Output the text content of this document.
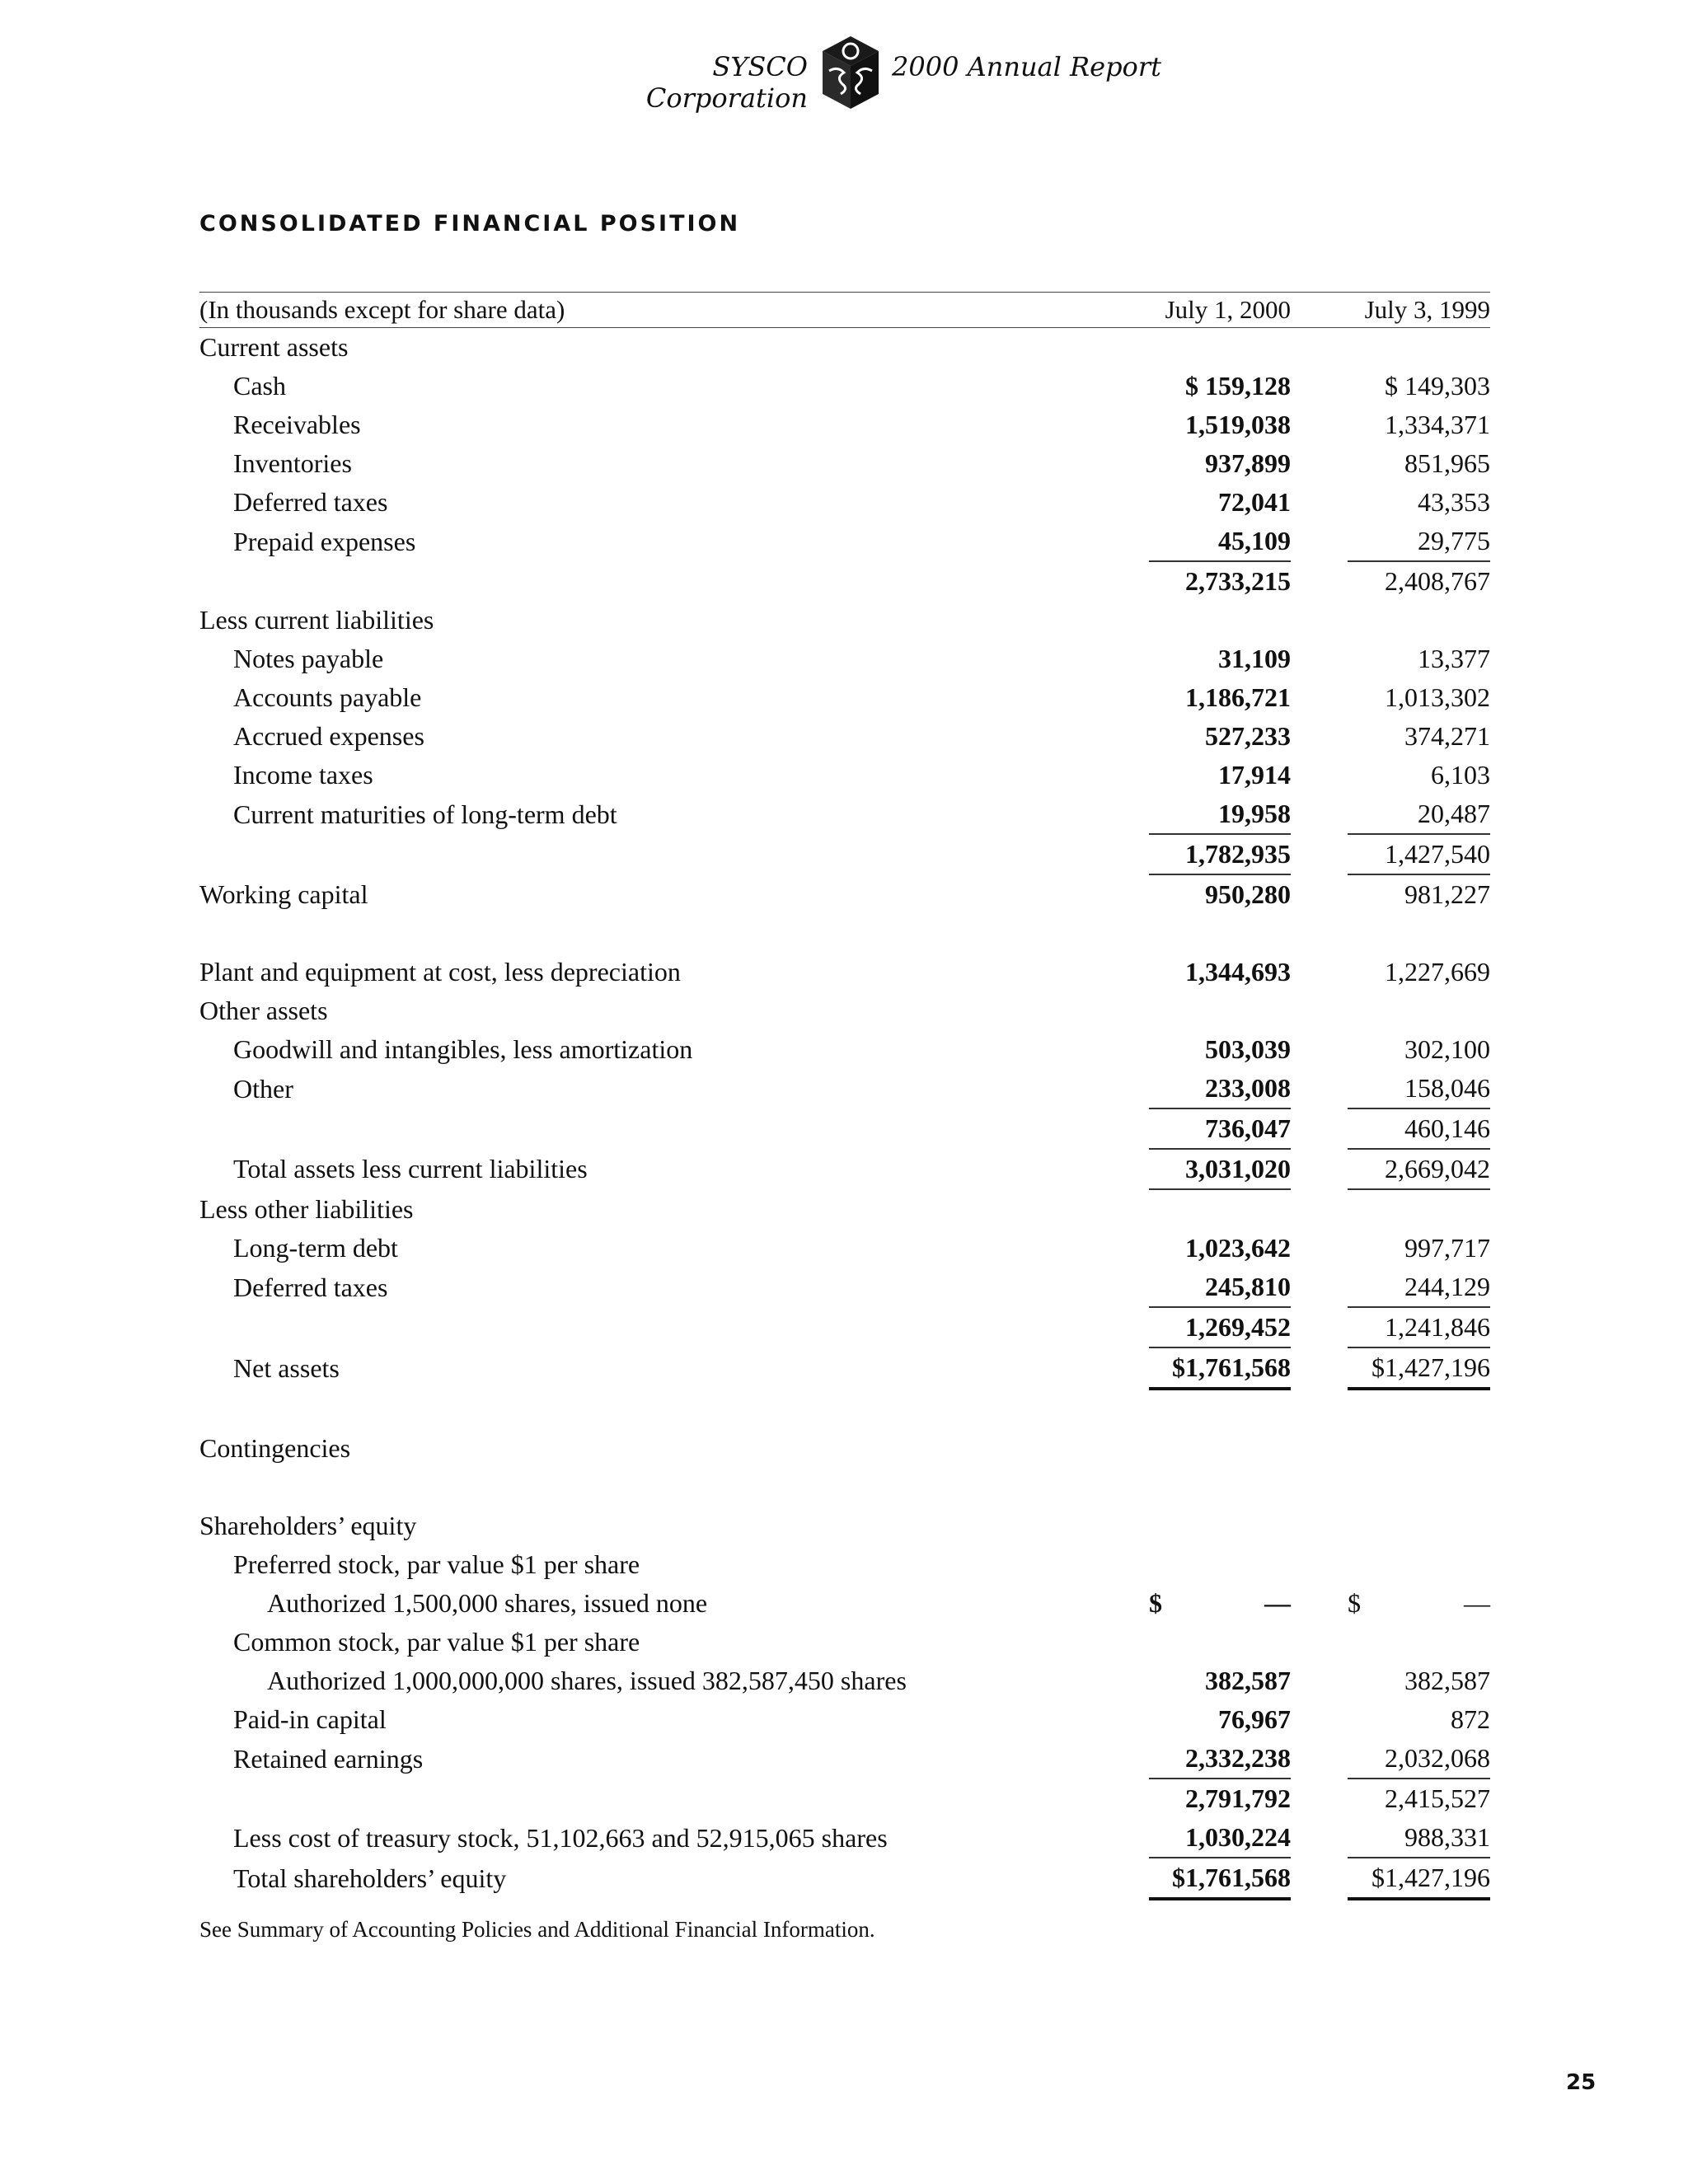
SYSCO Corporation
2000 Annual Report
CONSOLIDATED FINANCIAL POSITION
(In thousands except for share data)	July 1, 2000		July 3, 1999
Current assets			
Cash	$ 159,128		$ 149,303
Receivables	1,519,038		1,334,371
Inventories	937,899		851,965
Deferred taxes	72,041		43,353
Prepaid expenses	45,109		29,775
	2,733,215		2,408,767
Less current liabilities			
Notes payable	31,109		13,377
Accounts payable	1,186,721		1,013,302
Accrued expenses	527,233		374,271
Income taxes	17,914		6,103
Current maturities of long-term debt	19,958		20,487
	1,782,935		1,427,540
Working capital	950,280		981,227

Plant and equipment at cost, less depreciation	1,344,693		1,227,669
Other assets			
Goodwill and intangibles, less amortization	503,039		302,100
Other	233,008		158,046
	736,047		460,146
Total assets less current liabilities	3,031,020		2,669,042
Less other liabilities			
Long-term debt	1,023,642		997,717
Deferred taxes	245,810		244,129
	1,269,452		1,241,846
Net assets	$1,761,568		$1,427,196

Contingencies			

Shareholders’ equity			
Preferred stock, par value $1 per share			
Authorized 1,500,000 shares, issued none	$ —		$ —
Common stock, par value $1 per share			
Authorized 1,000,000,000 shares, issued 382,587,450 shares	382,587		382,587
Paid-in capital	76,967		872
Retained earnings	2,332,238		2,032,068
	2,791,792		2,415,527
Less cost of treasury stock, 51,102,663 and 52,915,065 shares	1,030,224		988,331
Total shareholders’ equity	$1,761,568		$1,427,196
See Summary of Accounting Policies and Additional Financial Information.
25
